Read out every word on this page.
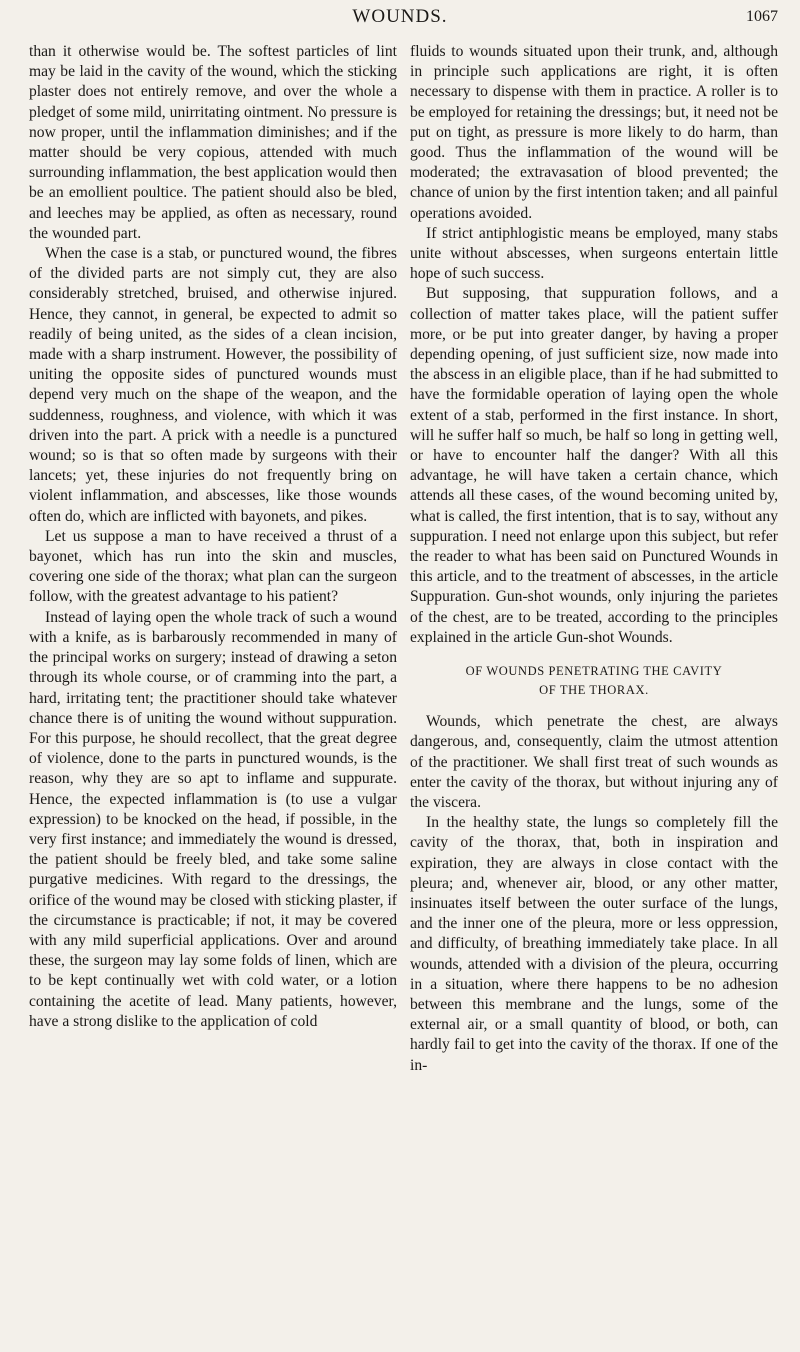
WOUNDS.	1067

than it otherwise would be. The softest particles of lint may be laid in the cavity of the wound, which the sticking plaster does not entirely remove, and over the whole a pledget of some mild, unirritating ointment. No pressure is now proper, until the inflammation diminishes; and if the matter should be very copious, attended with much surrounding inflammation, the best application would then be an emollient poultice. The patient should also be bled, and leeches may be applied, as often as necessary, round the wounded part.

When the case is a stab, or punctured wound, the fibres of the divided parts are not simply cut, they are also considerably stretched, bruised, and otherwise injured. Hence, they cannot, in general, be expected to admit so readily of being united, as the sides of a clean incision, made with a sharp instrument. However, the possibility of uniting the opposite sides of punctured wounds must depend very much on the shape of the weapon, and the suddenness, roughness, and violence, with which it was driven into the part. A prick with a needle is a punctured wound; so is that so often made by surgeons with their lancets; yet, these injuries do not frequently bring on violent inflammation, and abscesses, like those wounds often do, which are inflicted with bayonets, and pikes.

Let us suppose a man to have received a thrust of a bayonet, which has run into the skin and muscles, covering one side of the thorax; what plan can the surgeon follow, with the greatest advantage to his patient?

Instead of laying open the whole track of such a wound with a knife, as is barbarously recommended in many of the principal works on surgery; instead of drawing a seton through its whole course, or of cramming into the part, a hard, irritating tent; the practitioner should take whatever chance there is of uniting the wound without suppuration. For this purpose, he should recollect, that the great degree of violence, done to the parts in punctured wounds, is the reason, why they are so apt to inflame and suppurate. Hence, the expected inflammation is (to use a vulgar expression) to be knocked on the head, if possible, in the very first instance; and immediately the wound is dressed, the patient should be freely bled, and take some saline purgative medicines. With regard to the dressings, the orifice of the wound may be closed with sticking plaster, if the circumstance is practicable; if not, it may be covered with any mild superficial applications. Over and around these, the surgeon may lay some folds of linen, which are to be kept continually wet with cold water, or a lotion containing the acetite of lead. Many patients, however, have a strong dislike to the application of cold

fluids to wounds situated upon their trunk, and, although in principle such applications are right, it is often necessary to dispense with them in practice. A roller is to be employed for retaining the dressings; but, it need not be put on tight, as pressure is more likely to do harm, than good. Thus the inflammation of the wound will be moderated; the extravasation of blood prevented; the chance of union by the first intention taken; and all painful operations avoided.

If strict antiphlogistic means be employed, many stabs unite without abscesses, when surgeons entertain little hope of such success.

But supposing, that suppuration follows, and a collection of matter takes place, will the patient suffer more, or be put into greater danger, by having a proper depending opening, of just sufficient size, now made into the abscess in an eligible place, than if he had submitted to have the formidable operation of laying open the whole extent of a stab, performed in the first instance. In short, will he suffer half so much, be half so long in getting well, or have to encounter half the danger? With all this advantage, he will have taken a certain chance, which attends all these cases, of the wound becoming united by, what is called, the first intention, that is to say, without any suppuration. I need not enlarge upon this subject, but refer the reader to what has been said on Punctured Wounds in this article, and to the treatment of abscesses, in the article Suppuration. Gun-shot wounds, only injuring the parietes of the chest, are to be treated, according to the principles explained in the article Gun-shot Wounds.

OF WOUNDS PENETRATING THE CAVITY
OF THE THORAX.

Wounds, which penetrate the chest, are always dangerous, and, consequently, claim the utmost attention of the practitioner. We shall first treat of such wounds as enter the cavity of the thorax, but without injuring any of the viscera.

In the healthy state, the lungs so completely fill the cavity of the thorax, that, both in inspiration and expiration, they are always in close contact with the pleura; and, whenever air, blood, or any other matter, insinuates itself between the outer surface of the lungs, and the inner one of the pleura, more or less oppression, and difficulty, of breathing immediately take place. In all wounds, attended with a division of the pleura, occurring in a situation, where there happens to be no adhesion between this membrane and the lungs, some of the external air, or a small quantity of blood, or both, can hardly fail to get into the cavity of the thorax. If one of the in-
